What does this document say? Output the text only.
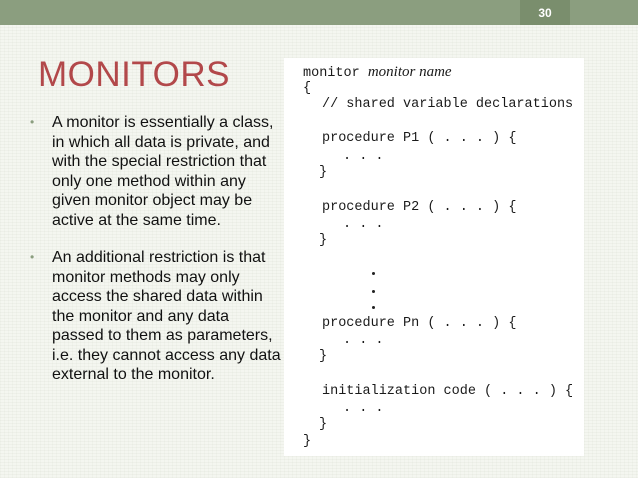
30
MONITORS
• A monitor is essentially a class, in which all data is private, and with the special restriction that only one method within any given monitor object may be active at the same time.
• An additional restriction is that monitor methods may only access the shared data within the monitor and any data passed to them as parameters, i.e. they cannot access any data external to the monitor.
monitor monitor name
{
// shared variable declarations
procedure P1 ( . . . ) {
. . .
}
procedure P2 ( . . . ) {
. . .
}
procedure Pn ( . . . ) {
. . .
}
initialization code ( . . . ) {
. . .
}
}
